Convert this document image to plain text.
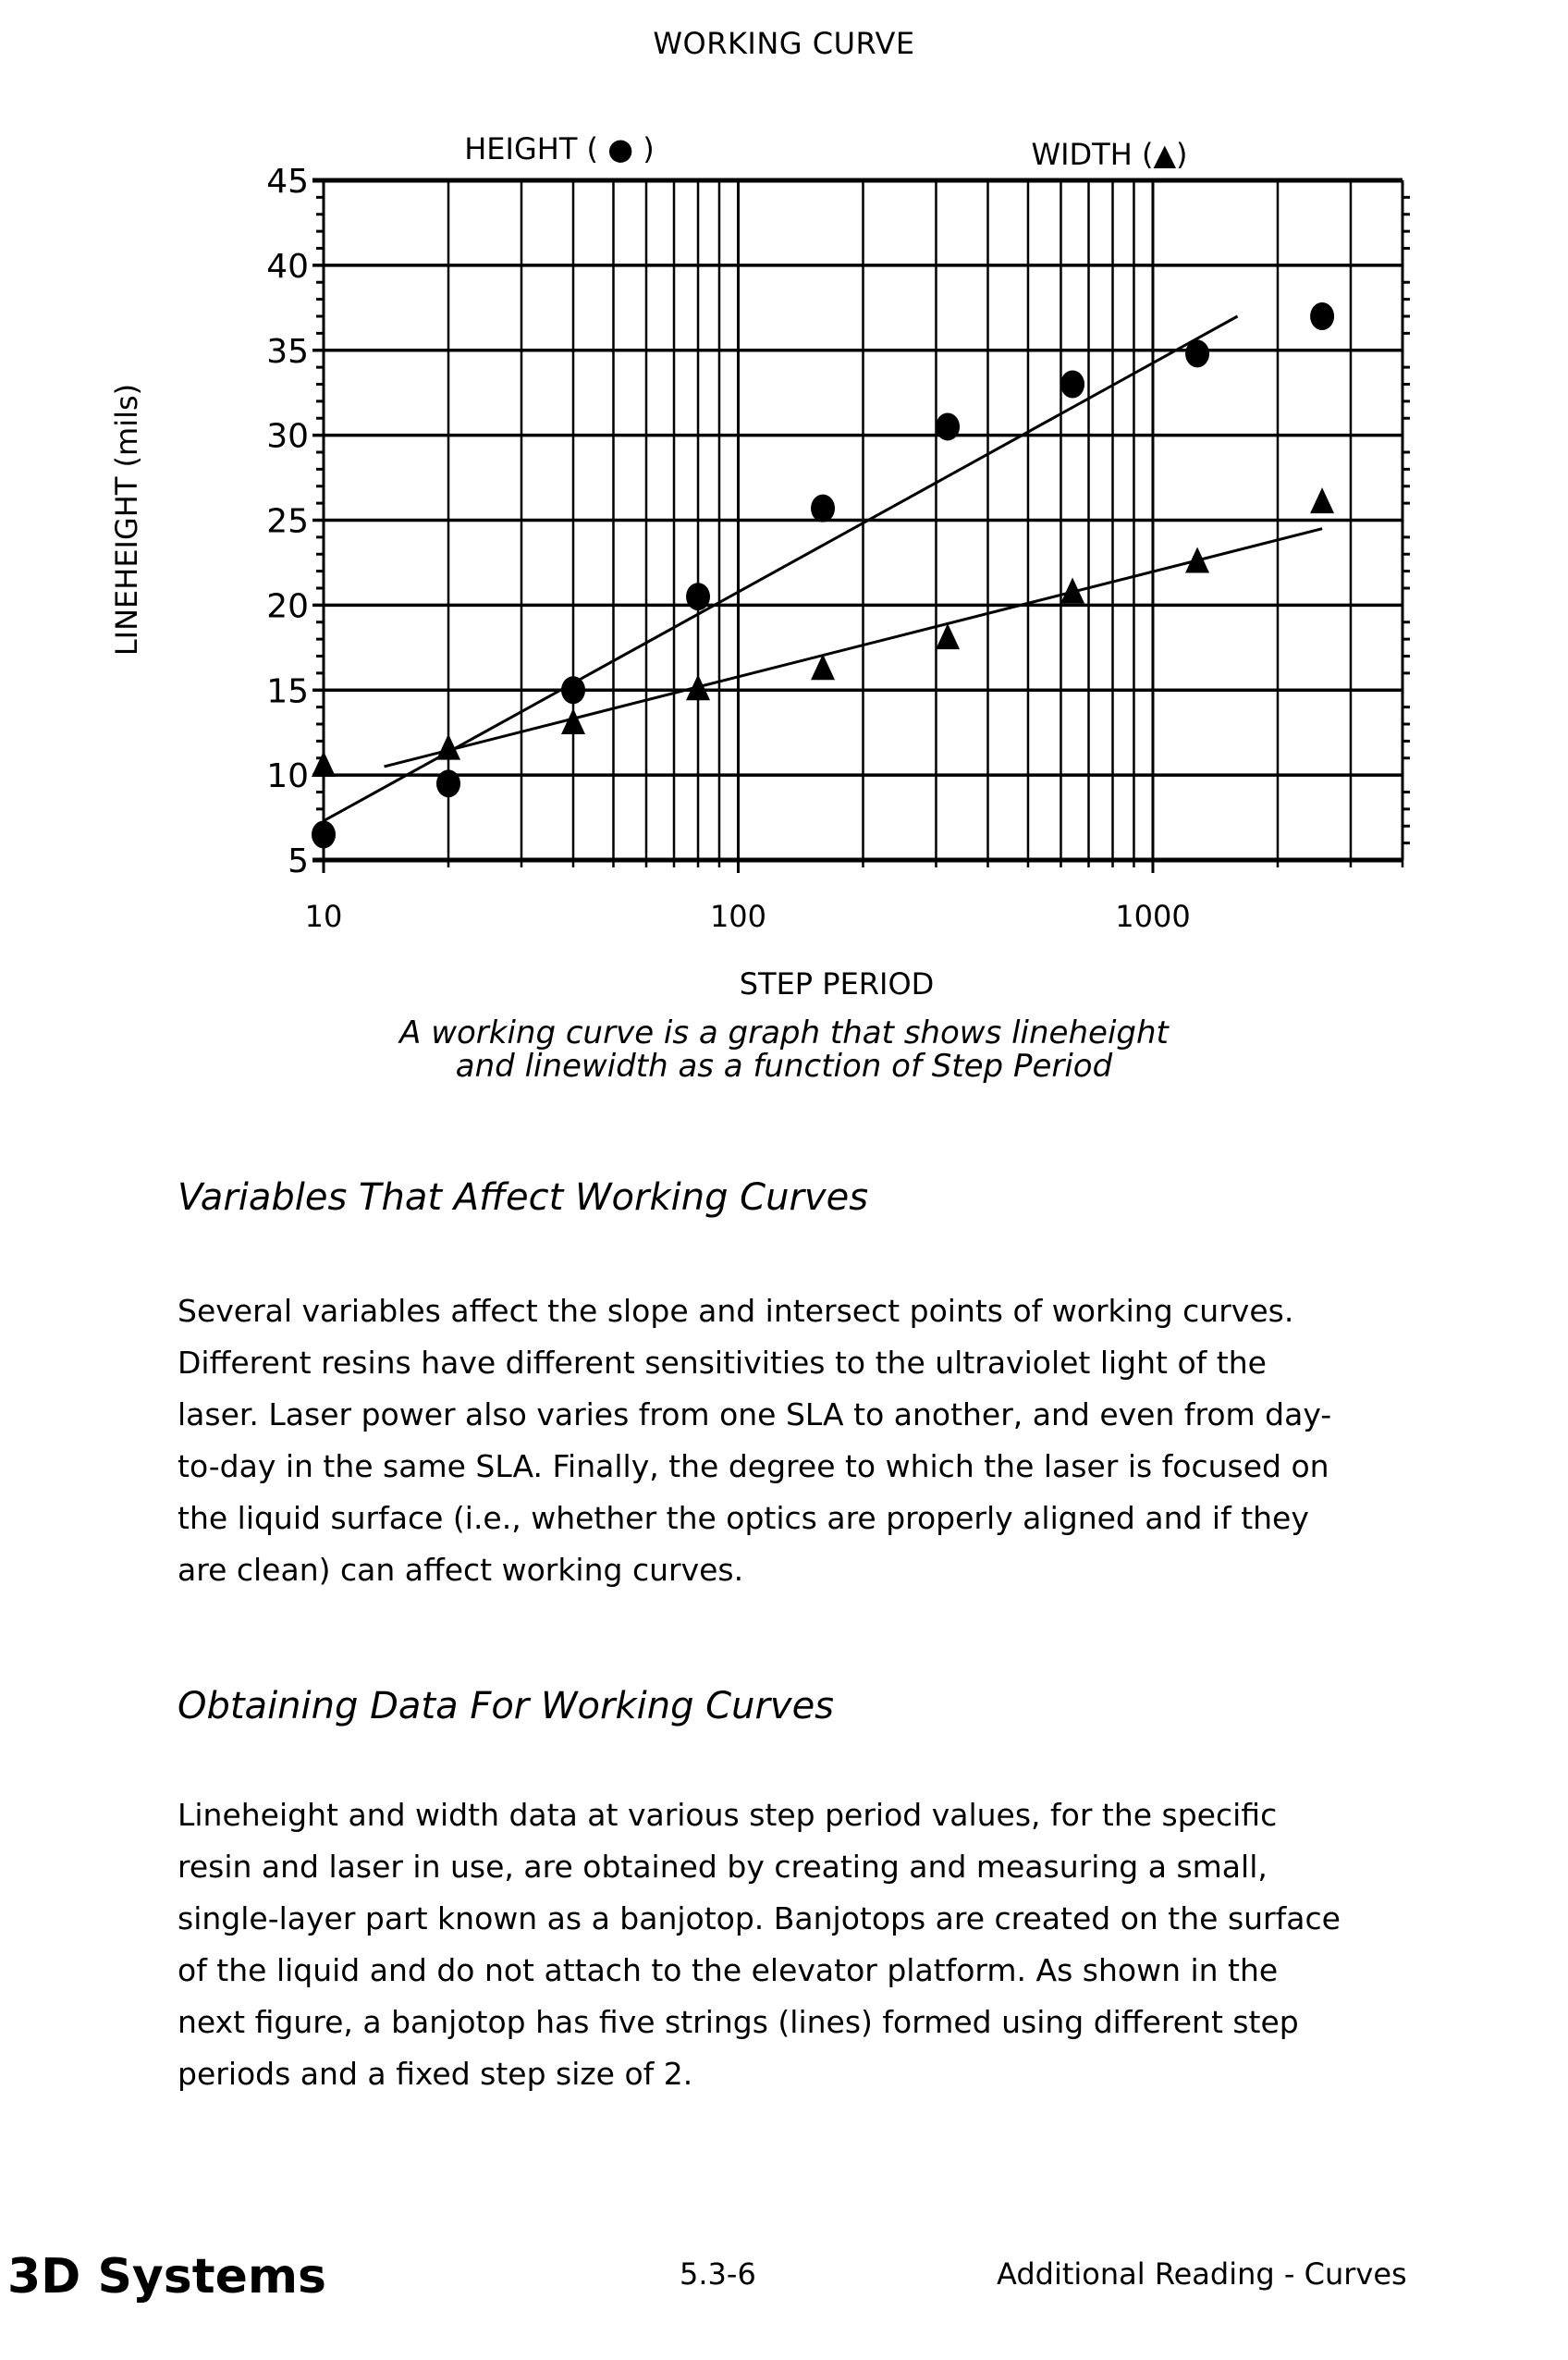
WORKING CURVE
5
10
15
20
25
30
35
40
45
10	100	1000
STEP PERIOD
LINEHEIGHT (mils)
HEIGHT ( ● )	WIDTH (▲)
A working curve is a graph that shows lineheight
and linewidth as a function of Step Period
Variables That Affect Working Curves
Several variables affect the slope and intersect points of working curves.
Different resins have different sensitivities to the ultraviolet light of the
laser. Laser power also varies from one SLA to another, and even from day-
to-day in the same SLA. Finally, the degree to which the laser is focused on
the liquid surface (i.e., whether the optics are properly aligned and if they
are clean) can affect working curves.
Obtaining Data For Working Curves
Lineheight and width data at various step period values, for the specific
resin and laser in use, are obtained by creating and measuring a small,
single-layer part known as a banjotop. Banjotops are created on the surface
of the liquid and do not attach to the elevator platform. As shown in the
next figure, a banjotop has five strings (lines) formed using different step
periods and a fixed step size of 2.
3D Systems	5.3-6	Additional Reading - Curves
